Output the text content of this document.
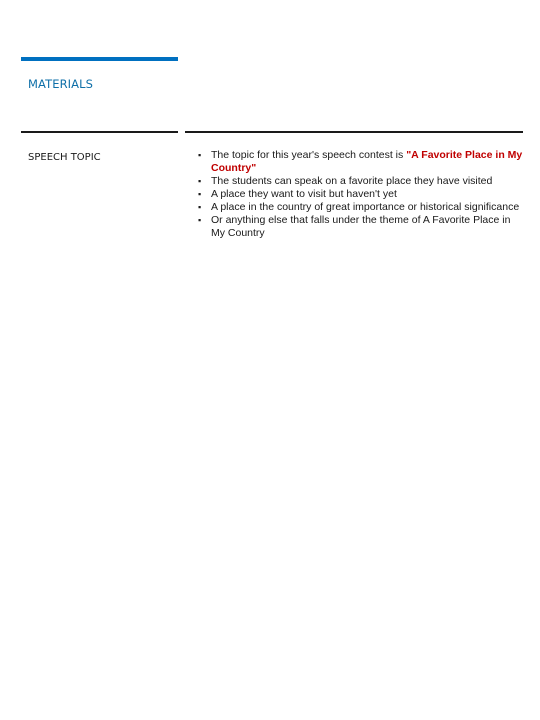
MATERIALS
SPEECH TOPIC	▪ The topic for this year's speech contest is "A Favorite Place in My Country"
▪ The students can speak on a favorite place they have visited
▪ A place they want to visit but haven't yet
▪ A place in the country of great importance or historical significance
▪ Or anything else that falls under the theme of A Favorite Place in My Country
